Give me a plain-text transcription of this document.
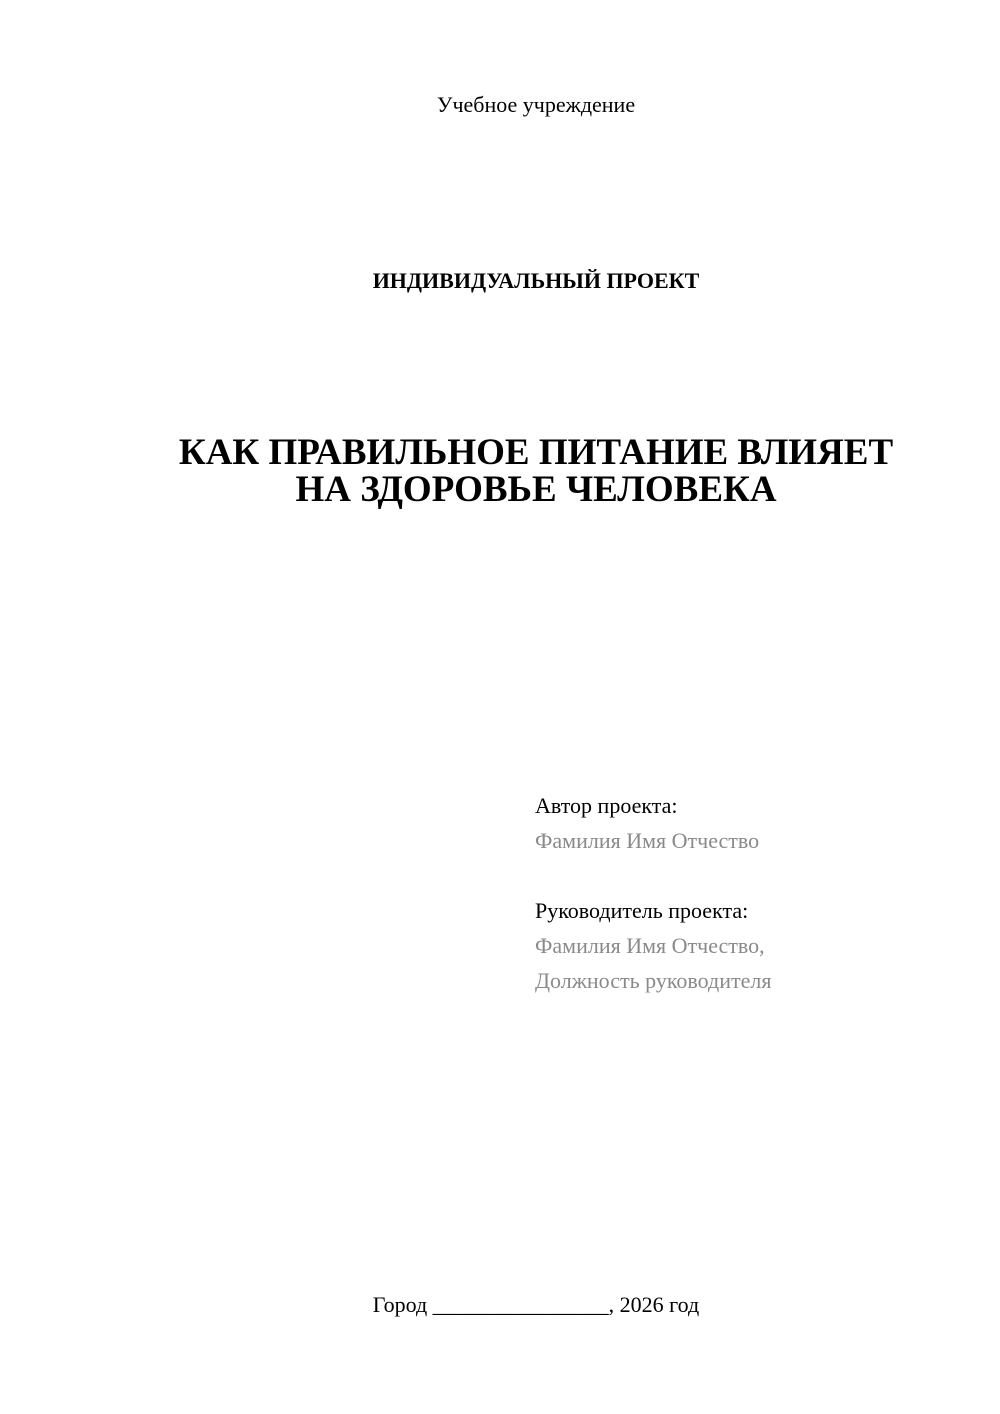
Учебное учреждение
ИНДИВИДУАЛЬНЫЙ ПРОЕКТ
КАК ПРАВИЛЬНОЕ ПИТАНИЕ ВЛИЯЕТ
НА ЗДОРОВЬЕ ЧЕЛОВЕКА
Автор проекта:
Фамилия Имя Отчество
Руководитель проекта:
Фамилия Имя Отчество,
Должность руководителя
Город ________________, 2026 год
